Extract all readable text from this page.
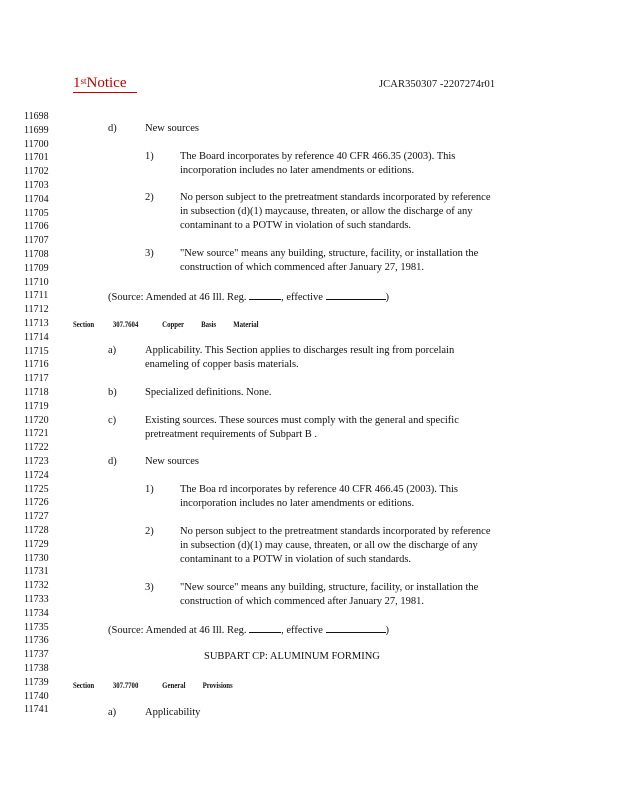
1stNotice	JCAR350307 -2207274r01
11698
11699
11700
11701
11702
11703
11704
11705
11706
11707
11708
11709
11710
11711
11712
11713
11714
11715
11716
11717
11718
11719
11720
11721
11722
11723
11724
11725
11726
11727
11728
11729
11730
11731
11732
11733
11734
11735
11736
11737
11738
11739
11740
11741
d)	New sources
1)	The Board incorporates by reference 40 CFR 466.35 (2003). This
incorporation includes no later amendments or editions.
2)	No person subject to the pretreatment standards incorporated by reference
in subsection (d)(1) maycause, threaten, or allow the discharge of any
contaminant to a POTW in violation of such standards.
3)	"New source" means any building, structure, facility, or installation the
construction of which commenced after January 27, 1981.
(Source: Amended at 46 Ill. Reg.	, effective	)
Section 307.7604	Copper Basis Material
a)	Applicability. This Section applies to discharges result ing from porcelain
enameling of copper basis materials.
b)	Specialized definitions. None.
c)	Existing sources. These sources must comply with the general and specific
pretreatment requirements of Subpart B .
d)	New sources
1)	The Boa rd incorporates by reference 40 CFR 466.45 (2003). This
incorporation includes no later amendments or editions.
2)	No person subject to the pretreatment standards incorporated by reference
in subsection (d)(1) may cause, threaten, or all ow the discharge of any
contaminant to a POTW in violation of such standards.
3)	"New source" means any building, structure, facility, or installation the
construction of which commenced after January 27, 1981.
(Source: Amended at 46 Ill. Reg.	, effective	)
SUBPART CP: ALUMINUM FORMING
Section 307.7700	General Provisions
a)	Applicability
